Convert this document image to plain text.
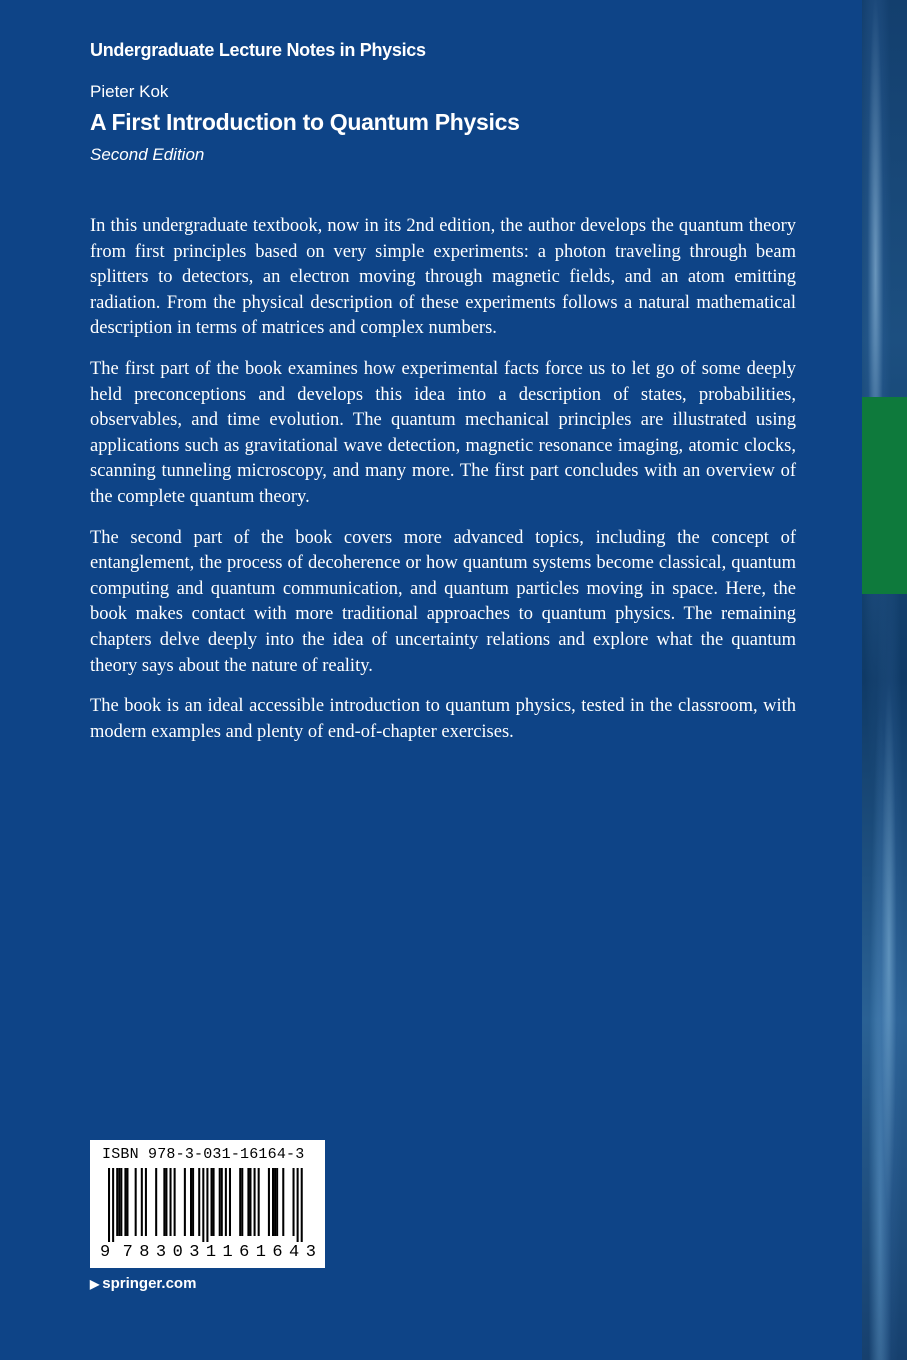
Undergraduate Lecture Notes in Physics
Pieter Kok
A First Introduction to Quantum Physics
Second Edition

In this undergraduate textbook, now in its 2nd edition, the author develops the quantum theory from first principles based on very simple experiments: a photon traveling through beam splitters to detectors, an electron moving through magnetic fields, and an atom emitting radiation. From the physical description of these experiments follows a natural mathematical description in terms of matrices and complex numbers.

The first part of the book examines how experimental facts force us to let go of some deeply held preconceptions and develops this idea into a description of states, probabilities, observables, and time evolution. The quantum mechanical principles are illustrated using applications such as gravitational wave detection, magnetic resonance imaging, atomic clocks, scanning tunneling microscopy, and many more. The first part concludes with an overview of the complete quantum theory.

The second part of the book covers more advanced topics, including the concept of entanglement, the process of decoherence or how quantum systems become classical, quantum computing and quantum communication, and quantum particles moving in space. Here, the book makes contact with more traditional approaches to quantum physics. The remaining chapters delve deeply into the idea of uncertainty relations and explore what the quantum theory says about the nature of reality.

The book is an ideal accessible introduction to quantum physics, tested in the classroom, with modern examples and plenty of end-of-chapter exercises.

ISBN 978-3-031-16164-3
9 7 8 3 0 3 1 1 6 1 6 4 3
▶ springer.com
